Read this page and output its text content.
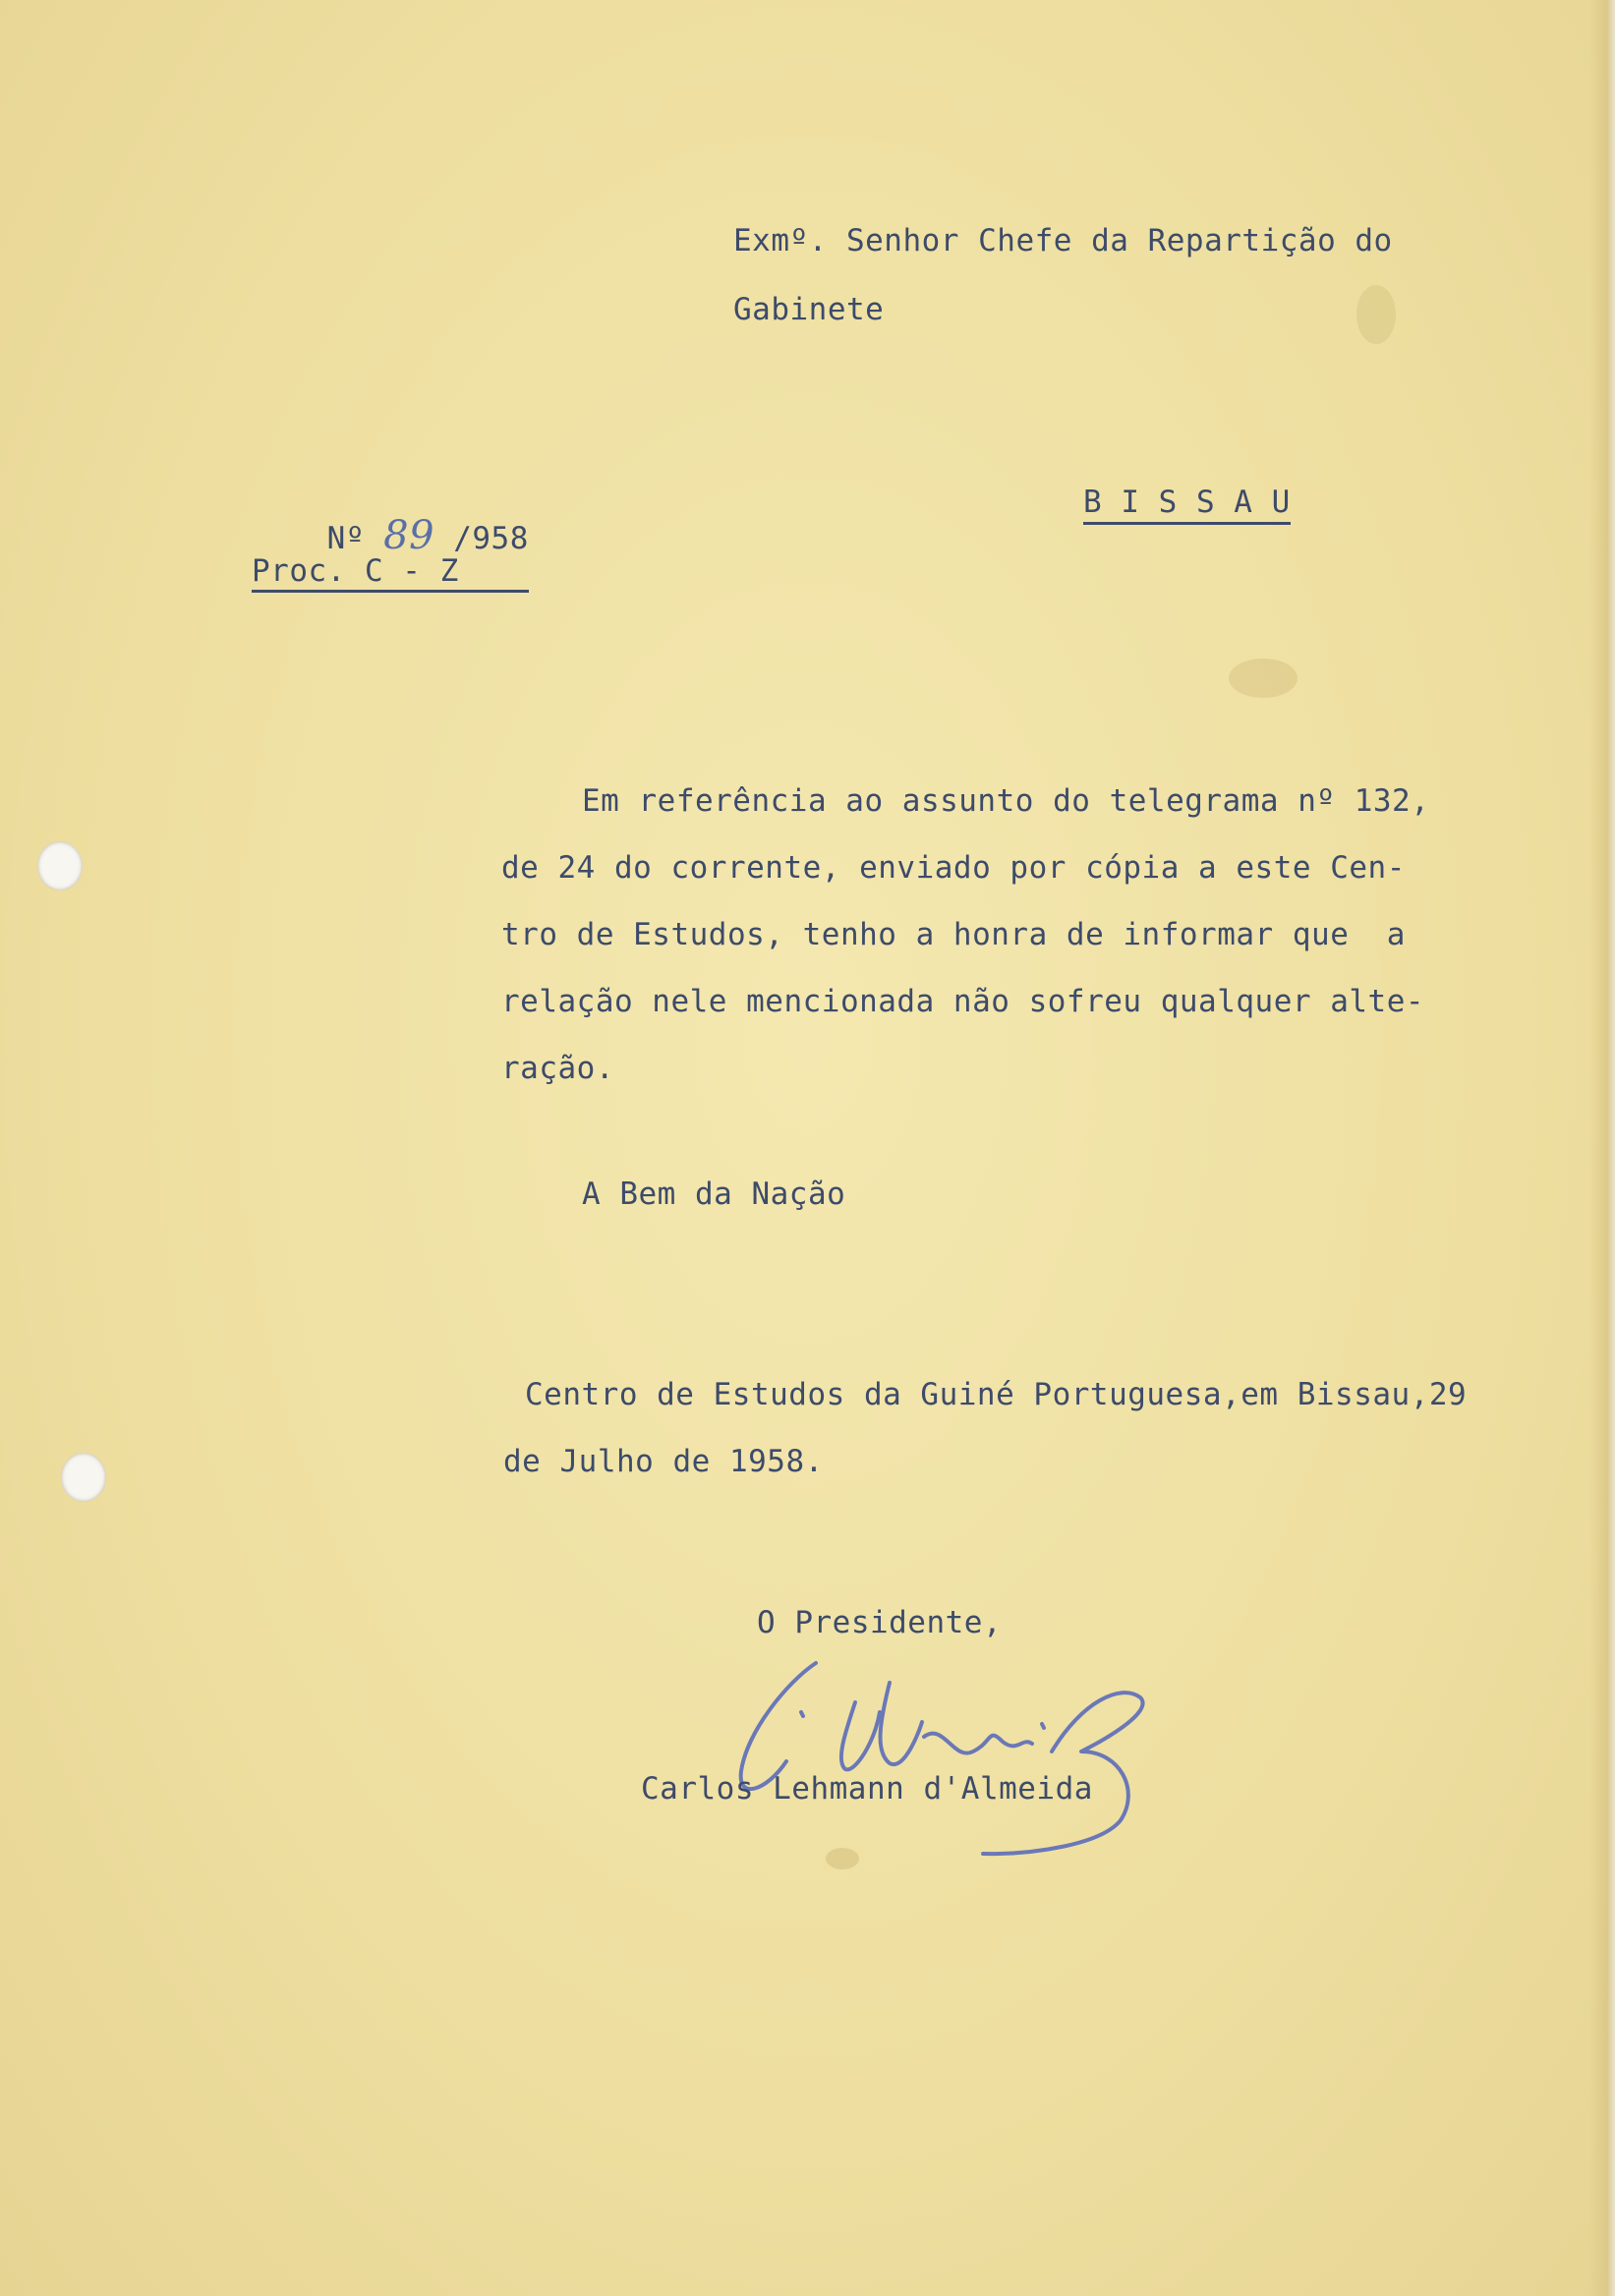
Exmº. Senhor Chefe da Repartição do
Gabinete

Nº 89 /958

Proc. C - Z
B I S S A U
Em referência ao assunto do telegrama nº 132,
de 24 do corrente, enviado por cópia a este Cen-
tro de Estudos, tenho a honra de informar que  a
relação nele mencionada não sofreu qualquer alte-
ração.
A Bem da Nação
Centro de Estudos da Guiné Portuguesa,em Bissau,29
de Julho de 1958.
O Presidente,
Carlos Lehmann d'Almeida
